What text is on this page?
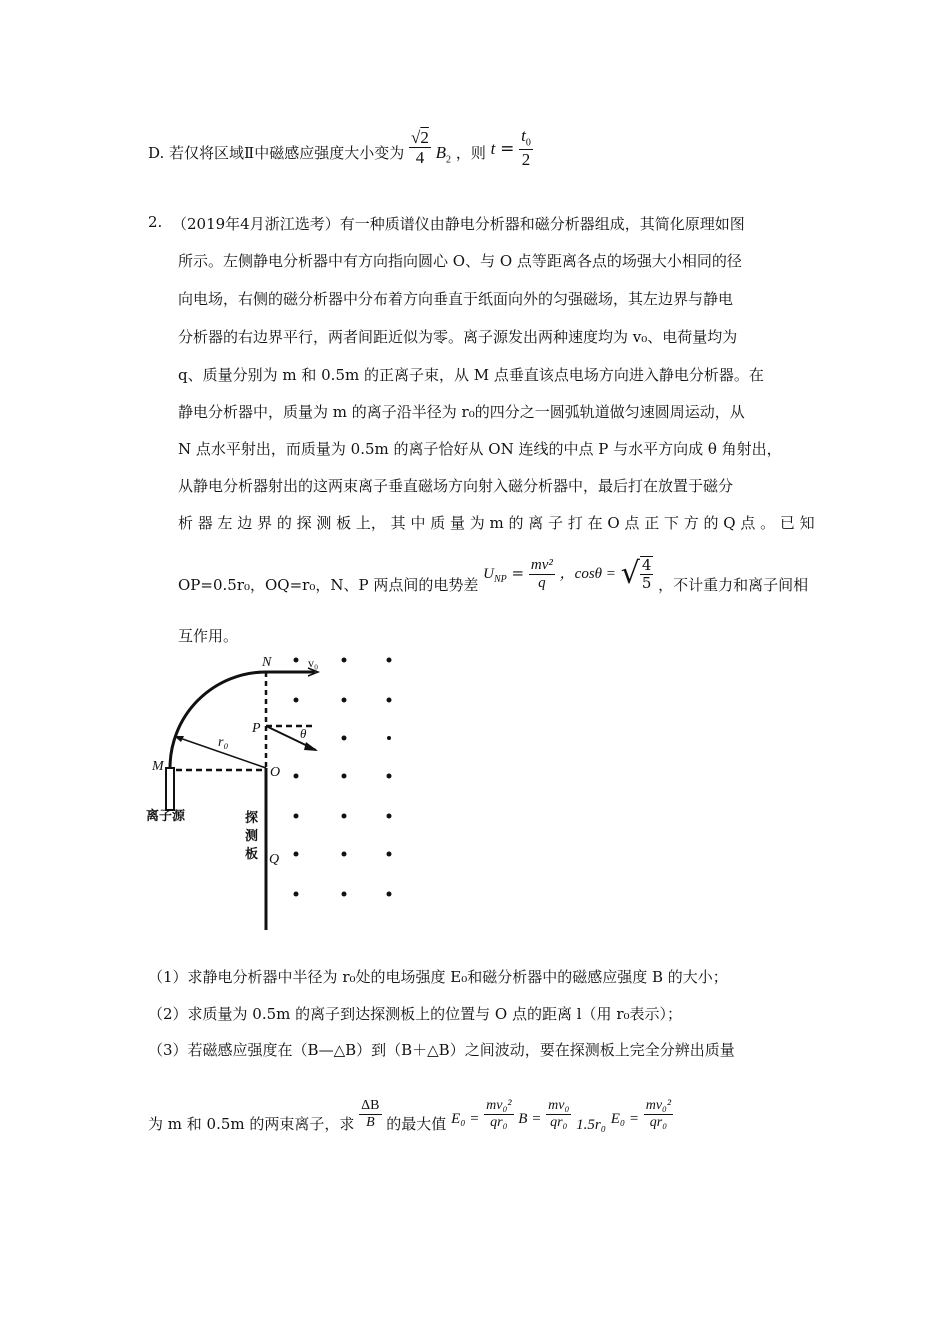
D. 若仅将区域Ⅱ中磁感应强度大小变为 $\frac{√2}{4} B_2$ ，则 $t = \frac{t_0}{2}$
2. （2019年4月浙江选考）有一种质谱仪由静电分析器和磁分析器组成，其简化原理如图
所示。左侧静电分析器中有方向指向圆心 O、与 O 点等距离各点的场强大小相同的径
向电场，右侧的磁分析器中分布着方向垂直于纸面向外的匀强磁场，其左边界与静电
分析器的右边界平行，两者间距近似为零。离子源发出两种速度均为 v₀、电荷量均为
q、质量分别为 m 和 0.5m 的正离子束，从 M 点垂直该点电场方向进入静电分析器。在
静电分析器中，质量为 m 的离子沿半径为 r₀的四分之一圆弧轨道做匀速圆周运动，从
N 点水平射出，而质量为 0.5m 的离子恰好从 ON 连线的中点 P 与水平方向成 θ 角射出，
从静电分析器射出的这两束离子垂直磁场方向射入磁分析器中，最后打在放置于磁分
析 器 左 边 界 的 探 测 板 上， 其 中 质 量 为 m 的 离 子 打 在 O 点 正 下 方 的 Q 点 。 已 知
OP=0.5r₀，OQ=r₀，N、P 两点间的电势差 $U_{NP} = \frac{\text{mv²}}{q}$ ，cosθ = √ $\frac{4}{5}$ ，不计重力和离子间相
互作用。
N	v₀
P	θ
r₀
M	O
Q
离子源	探
测
板
（1）求静电分析器中半径为 r₀处的电场强度 E₀和磁分析器中的磁感应强度 B 的大小；
（2）求质量为 0.5m 的离子到达探测板上的位置与 O 点的距离 l（用 r₀表示）；
（3）若磁感应强度在（B—△B）到（B＋△B）之间波动，要在探测板上完全分辨出质量
为 m 和 0.5m 的两束离子，求 $\frac{\Delta B}{B}$ 的最大值 $E_0 = \frac{\text{mv₀²}}{\text{qr₀}}$ $B = \frac{\text{mv₀}}{\text{qr₀}} 1.5r_0$ $E_0 = \frac{\text{mv₀²}}{\text{qr₀}}$
